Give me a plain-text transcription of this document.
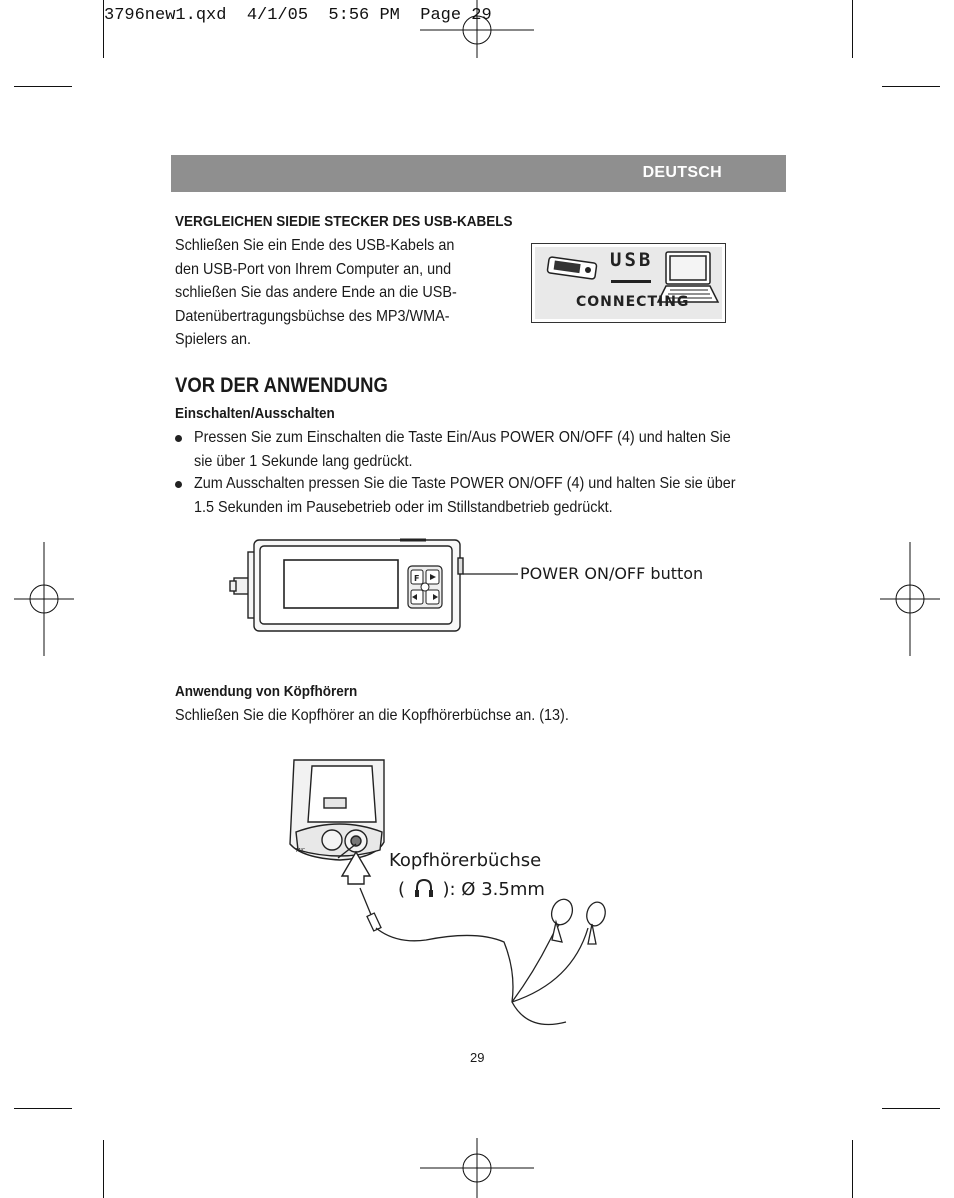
3796new1.qxd  4/1/05  5:56 PM  Page 29
DEUTSCH
VERGLEICHEN SIEDIE STECKER DES USB-KABELS
Schließen Sie ein Ende des USB-Kabels an
den USB-Port von Ihrem Computer an, und
schließen Sie das andere Ende an die USB-
Datenübertragungsbüchse des MP3/WMA-
Spielers an.
USB
CONNECTING
VOR DER ANWENDUNG
Einschalten/Ausschalten
Pressen Sie zum Einschalten die Taste Ein/Aus POWER ON/OFF (4) und halten Sie
sie über 1 Sekunde lang gedrückt.
Zum Ausschalten pressen Sie die Taste POWER ON/OFF (4) und halten Sie sie über
1.5 Sekunden im Pausebetrieb oder im Stillstandbetrieb gedrückt.
F	POWER ON/OFF button
Anwendung von Köpfhörern
Schließen Sie die Kopfhörer an die Kopfhörerbüchse an. (13).
MIC	Kopfhörerbüchse
( ): Ø 3.5mm
29
